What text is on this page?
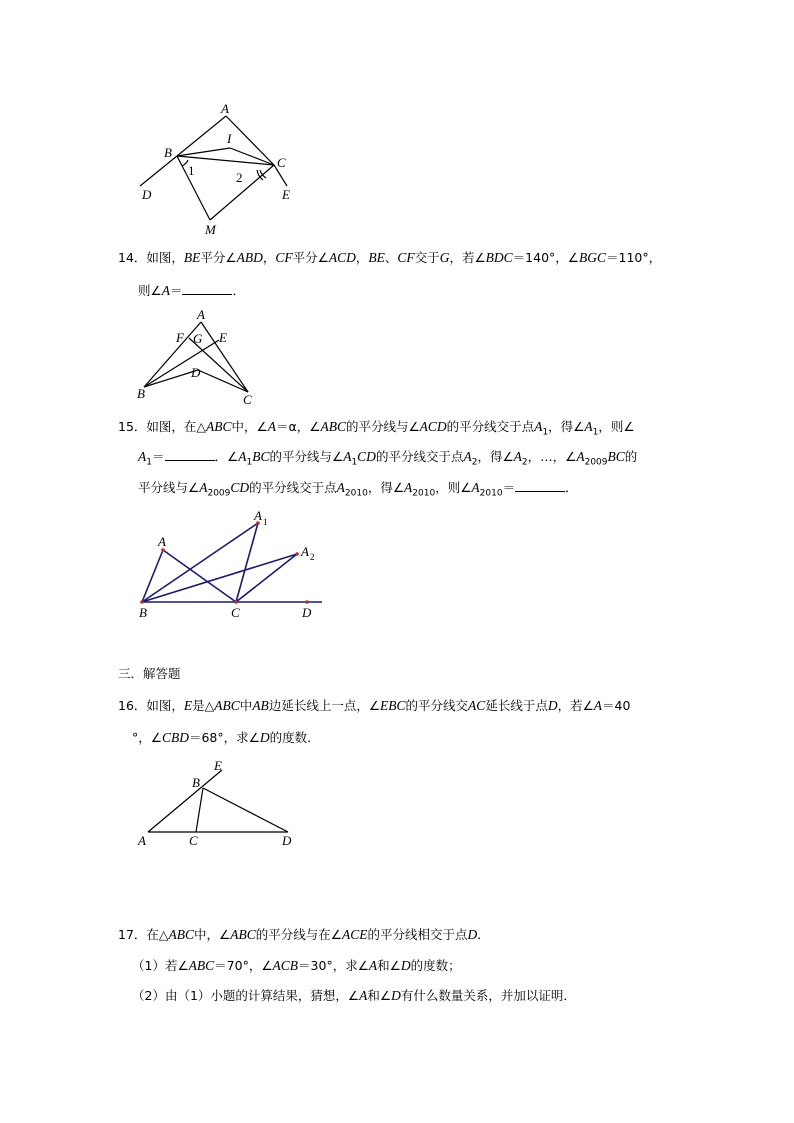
A
I
B
C
D	E
M
1	2
14．如图，BE平分∠ABD，CF平分∠ACD，BE、CF交于G，若∠BDC＝140°，∠BGC＝110°，
则∠A＝	．
A
F G E
D
B	C
15．如图，在△ABC中，∠A＝α，∠ABC的平分线与∠ACD的平分线交于点$A_1$，得$\angle A_1$，则∠
$A_1=$	．$\angle A_1BC$的平分线与$\angle A_1CD$的平分线交于点$A_2$，得$\angle A_2$，…，$\angle A_{2009}BC$的
平分线与$\angle A_{2009}CD$的平分线交于点$A_{2010}$，得$\angle A_{2010}$，则$\angle A_{2010}=$	．
A
A 1
A 2
B	C	D
三．解答题
16．如图，E是△ABC中AB边延长线上一点，∠EBC的平分线交AC延长线于点D，若∠A＝40
°，∠CBD＝68°，求∠D的度数．
E
B
A	C	D
17．在△ABC中，∠ABC的平分线与在∠ACE的平分线相交于点D．
（1）若∠ABC＝70°，∠ACB＝30°，求∠A和∠D的度数；
（2）由（1）小题的计算结果，猜想，∠A和∠D有什么数量关系，并加以证明．
